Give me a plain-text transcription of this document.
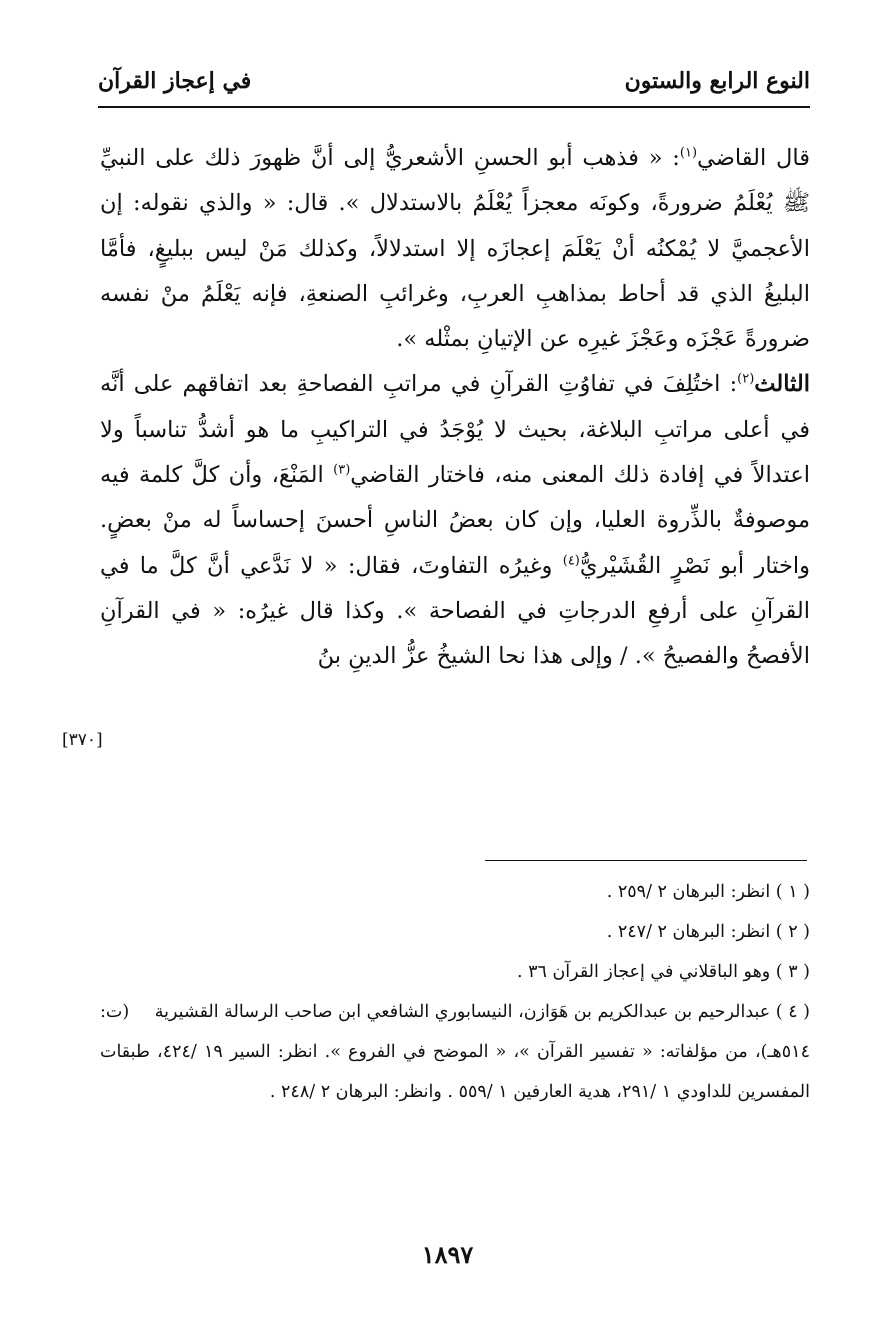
النوع الرابع والستون
في إعجاز القرآن

قال القاضي$^{(١)}$: « فذهب أبو الحسنِ الأشعريُّ إلى أنَّ ظهورَ ذلك على النبيِّ ﷺ يُعْلَمُ ضرورةً، وكونَه معجزاً يُعْلَمُ بالاستدلال ». قال: « والذي نقوله: إن الأعجميَّ لا يُمْكنُه أنْ يَعْلَمَ إعجازَه إلا استدلالاً، وكذلك مَنْ ليس ببليغٍ، فأمَّا البليغُ الذي قد أحاط بمذاهبِ العربِ، وغرائبِ الصنعةِ، فإنه يَعْلَمُ منْ نفسه ضرورةً عَجْزَه وعَجْزَ غيرِه عن الإتيانِ بمثْله ».

الثالث$^{(٢)}$: اختُلِفَ في تفاوُتِ القرآنِ في مراتبِ الفصاحةِ بعد اتفاقهم على أنَّه في أعلى مراتبِ البلاغة، بحيث لا يُوْجَدُ في التراكيبِ ما هو أشدُّ تناسباً ولا اعتدالاً في إفادة ذلك المعنى منه، فاختار القاضي$^{(٣)}$ المَنْعَ، وأن كلَّ كلمة فيه موصوفةٌ بالذِّروة العليا، وإن كان بعضُ الناسِ أحسنَ إحساساً له منْ بعضٍ. واختار أبو نَصْرٍ القُشَيْريُّ$^{(٤)}$ وغيرُه التفاوتَ، فقال: « لا نَدَّعي أنَّ كلَّ ما في القرآنِ على أرفعِ الدرجاتِ في الفصاحة ». وكذا قال غيرُه: « في القرآنِ الأفصحُ والفصيحُ ». / وإلى هذا نحا الشيخُ عزُّ الدينِ بنُ

[٣٧٠]

( ١ ) انظر: البرهان ٢ /٢٥٩ .

( ٢ ) انظر: البرهان ٢ /٢٤٧ .

( ٣ ) وهو الباقلاني في إعجاز القرآن ٣٦ .

( ٤ ) عبدالرحيم بن عبدالكريم بن هَوَازن، النيسابوري الشافعي ابن صاحب الرسالة القشيرية (ت: ٥١٤هـ)، من مؤلفاته: « تفسير القرآن »، « الموضح في الفروع ». انظر: السير ١٩ /٤٢٤، طبقات المفسرين للداودي ١ /٢٩١، هدية العارفين ١ /٥٥٩ . وانظر: البرهان ٢ /٢٤٨ .

١٨٩٧
